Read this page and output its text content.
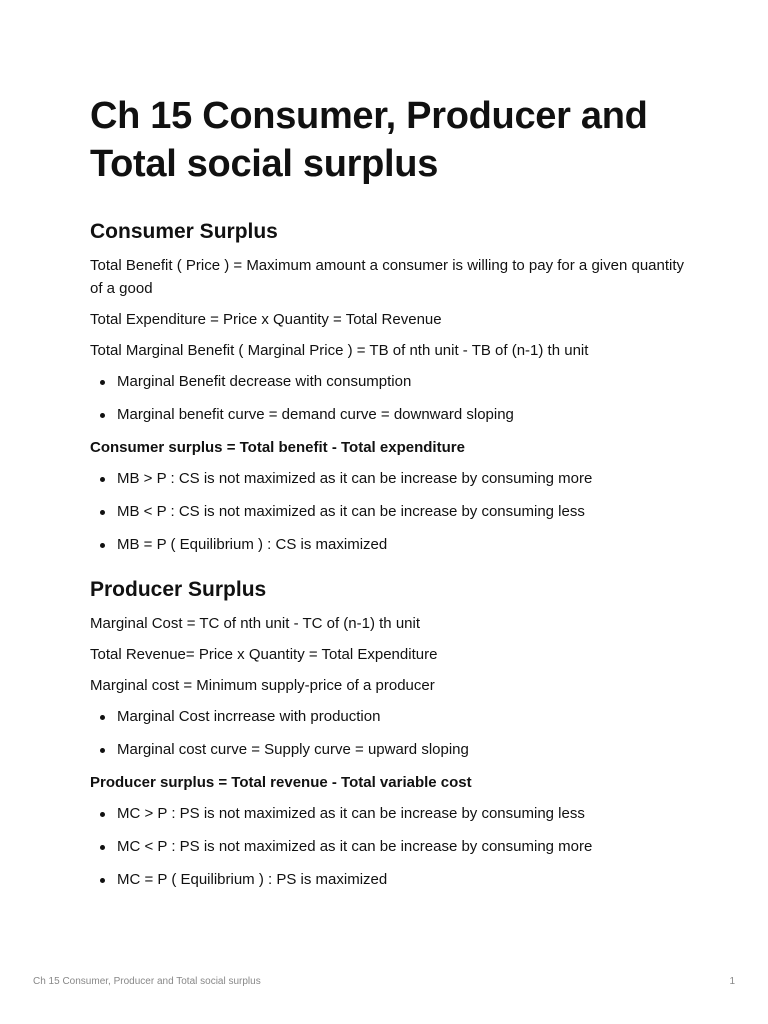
Ch 15 Consumer, Producer and Total social surplus
Consumer Surplus

Total Benefit ( Price ) = Maximum amount a consumer is willing to pay for a given quantity of a good

Total Expenditure = Price x Quantity = Total Revenue

Total Marginal Benefit ( Marginal Price ) = TB of nth unit - TB of (n-1) th unit

Marginal Benefit decrease with consumption
Marginal benefit curve = demand curve = downward sloping

Consumer surplus = Total benefit - Total expenditure

MB > P : CS is not maximized as it can be increase by consuming more
MB < P : CS is not maximized as it can be increase by consuming less
MB = P ( Equilibrium ) : CS is maximized
Producer Surplus

Marginal Cost = TC of nth unit - TC of (n-1) th unit

Total Revenue= Price x Quantity = Total Expenditure

Marginal cost = Minimum supply-price of a producer

Marginal Cost incrrease with production
Marginal cost curve = Supply curve = upward sloping

Producer surplus = Total revenue - Total variable cost

MC > P : PS is not maximized as it can be increase by consuming less
MC < P : PS is not maximized as it can be increase by consuming more
MC = P ( Equilibrium ) : PS is maximized
Ch 15 Consumer, Producer and Total social surplus	1
